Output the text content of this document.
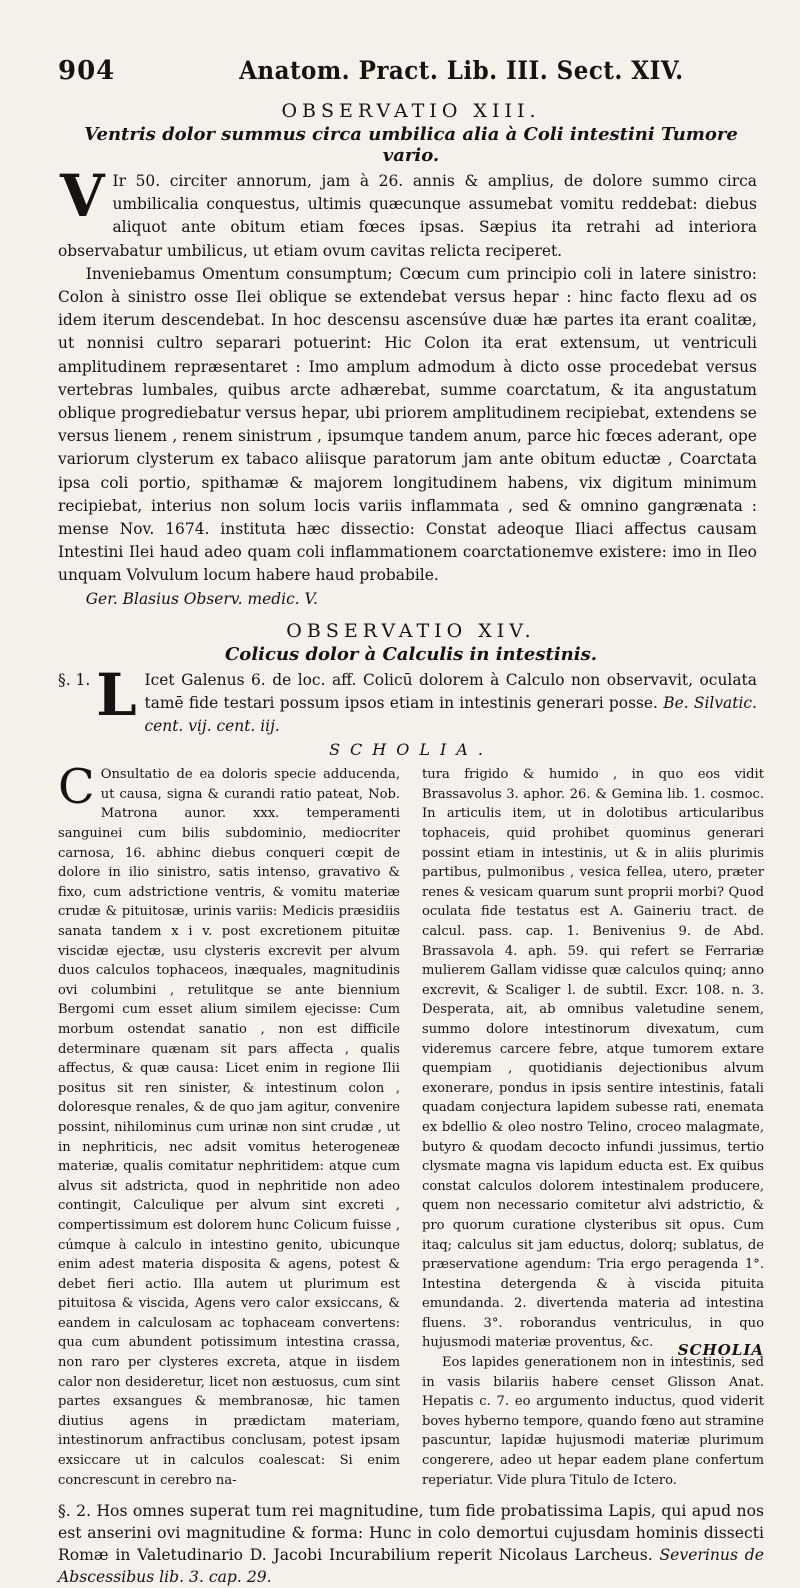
904	Anatom. Pract. Lib. III. Sect. XIV.
OBSERVATIO XIII.
Ventris dolor summus circa umbilica alia à Coli intestini Tumore vario.
V Ir 50. circiter annorum, jam à 26. annis & amplius, de dolore summo circa umbilicalia conquestus, ultimis quæcunque assumebat vomitu reddebat: diebus aliquot ante obitum etiam fœces ipsas. Sæpius ita retrahi ad interiora observabatur umbilicus, ut etiam ovum cavitas relicta reciperet.

Inveniebamus Omentum consumptum; Cœcum cum principio coli in latere sinistro: Colon à sinistro osse Ilei oblique se extendebat versus hepar : hinc facto flexu ad os idem iterum descendebat. In hoc descensu ascensúve duæ hæ partes ita erant coalitæ, ut nonnisi cultro separari potuerint: Hic Colon ita erat extensum, ut ventriculi amplitudinem repræsentaret : Imo amplum admodum à dicto osse procedebat versus vertebras lumbales, quibus arcte adhærebat, summe coarctatum, & ita angustatum oblique progrediebatur versus hepar, ubi priorem amplitudinem recipiebat, extendens se versus lienem , renem sinistrum , ipsumque tandem anum, parce hic fœces aderant, ope variorum clysterum ex tabaco aliisque paratorum jam ante obitum eductæ , Coarctata ipsa coli portio, spithamæ & majorem longitudinem habens, vix digitum minimum recipiebat, interius non solum locis variis inflammata , sed & omnino gangrænata : mense Nov. 1674. instituta hæc dissectio: Constat adeoque Iliaci affectus causam Intestini Ilei haud adeo quam coli inflammationem coarctationemve existere: imo in Ileo unquam Volvulum locum habere haud probabile.

Ger. Blasius Observ. medic. V.

OBSERVATIO XIV.
Colicus dolor à Calculis in intestinis.
§. 1. L Icet Galenus 6. de loc. aff. Colicū dolorem à Calculo non observavit, oculata tamē fide testari possum ipsos etiam in intestinis generari posse. Be. Silvatic. cent. vij. cent. iij.

SCHOLIA.
C Onsultatio de ea doloris specie adducenda, ut causa, signa & curandi ratio pateat, Nob. Matrona aunor. xxx. temperamenti sanguinei cum bilis subdominio, mediocriter carnosa, 16. abhinc diebus conqueri cœpit de dolore in ilio sinistro, satis intenso, gravativo & fixo, cum adstrictione ventris, & vomitu materiæ crudæ & pituitosæ, urinis variis: Medicis præsidiis sanata tandem x i v. post excretionem pituitæ viscidæ ejectæ, usu clysteris excrevit per alvum duos calculos tophaceos, inæquales, magnitudinis ovi columbini , retulitque se ante biennium Bergomi cum esset alium similem ejecisse: Cum morbum ostendat sanatio , non est difficile determinare quænam sit pars affecta , qualis affectus, & quæ causa: Licet enim in regione Ilii positus sit ren sinister, & intestinum colon , doloresque renales, & de quo jam agitur, convenire possint, nihilominus cum urinæ non sint crudæ , ut in nephriticis, nec adsit vomitus heterogeneæ materiæ, qualis comitatur nephritidem: atque cum alvus sit adstricta, quod in nephritide non adeo contingit, Calculique per alvum sint excreti , compertissimum est dolorem hunc Colicum fuisse , cúmque à calculo in intestino genito, ubicunque enim adest materia disposita & agens, potest & debet fieri actio. Illa autem ut plurimum est pituitosa & viscida, Agens vero calor exsiccans, & eandem in calculosam ac tophaceam convertens: qua cum abundent potissimum intestina crassa, non raro per clysteres excreta, atque in iisdem calor non desideretur, licet non æstuosus, cum sint partes exsangues & membranosæ, hic tamen diutius agens in prædictam materiam, intestinorum anfractibus conclusam, potest ipsam exsiccare ut in calculos coalescat: Si enim concrescunt in cerebro na-

tura frigido & humido , in quo eos vidit Brassavolus 3. aphor. 26. & Gemina lib. 1. cosmoc. In articulis item, ut in dolotibus articularibus tophaceis, quid prohibet quominus generari possint etiam in intestinis, ut & in aliis plurimis partibus, pulmonibus , vesica fellea, utero, præter renes & vesicam quarum sunt proprii morbi? Quod oculata fide testatus est A. Gaineriu tract. de calcul. pass. cap. 1. Benivenius 9. de Abd. Brassavola 4. aph. 59. qui refert se Ferrariæ mulierem Gallam vidisse quæ calculos quinq; anno excrevit, & Scaliger l. de subtil. Excr. 108. n. 3. Desperata, ait, ab omnibus valetudine senem, summo dolore intestinorum divexatum, cum videremus carcere febre, atque tumorem extare quempiam , quotidianis dejectionibus alvum exonerare, pondus in ipsis sentire intestinis, fatali quadam conjectura lapidem subesse rati, enemata ex bdellio & oleo nostro Telino, croceo malagmate, butyro & quodam decocto infundi jussimus, tertio clysmate magna vis lapidum educta est. Ex quibus constat calculos dolorem intestinalem producere, quem non necessario comitetur alvi adstrictio, & pro quorum curatione clysteribus sit opus. Cum itaq; calculus sit jam eductus, dolorq; sublatus, de præservatione agendum: Tria ergo peragenda 1°. Intestina detergenda & à viscida pituita emundanda. 2. divertenda materia ad intestina fluens. 3°. roborandus ventriculus, in quo hujusmodi materiæ proventus, &c.

Eos lapides generationem non in intestinis, sed in vasis bilariis habere censet Glisson Anat. Hepatis c. 7. eo argumento inductus, quod viderit boves hyberno tempore, quando fœno aut stramine pascuntur, lapidæ hujusmodi materiæ plurimum congerere, adeo ut hepar eadem plane confertum reperiatur. Vide plura Titulo de Ictero.

§. 2. Hos omnes superat tum rei magnitudine, tum fide probatissima Lapis, qui apud nos est anserini ovi magnitudine & forma: Hunc in colo demortui cujusdam hominis dissecti Romæ in Valetudinario D. Jacobi Incurabilium reperit Nicolaus Larcheus. Severinus de Abscessibus lib. 3. cap. 29.
SCHOLIA
